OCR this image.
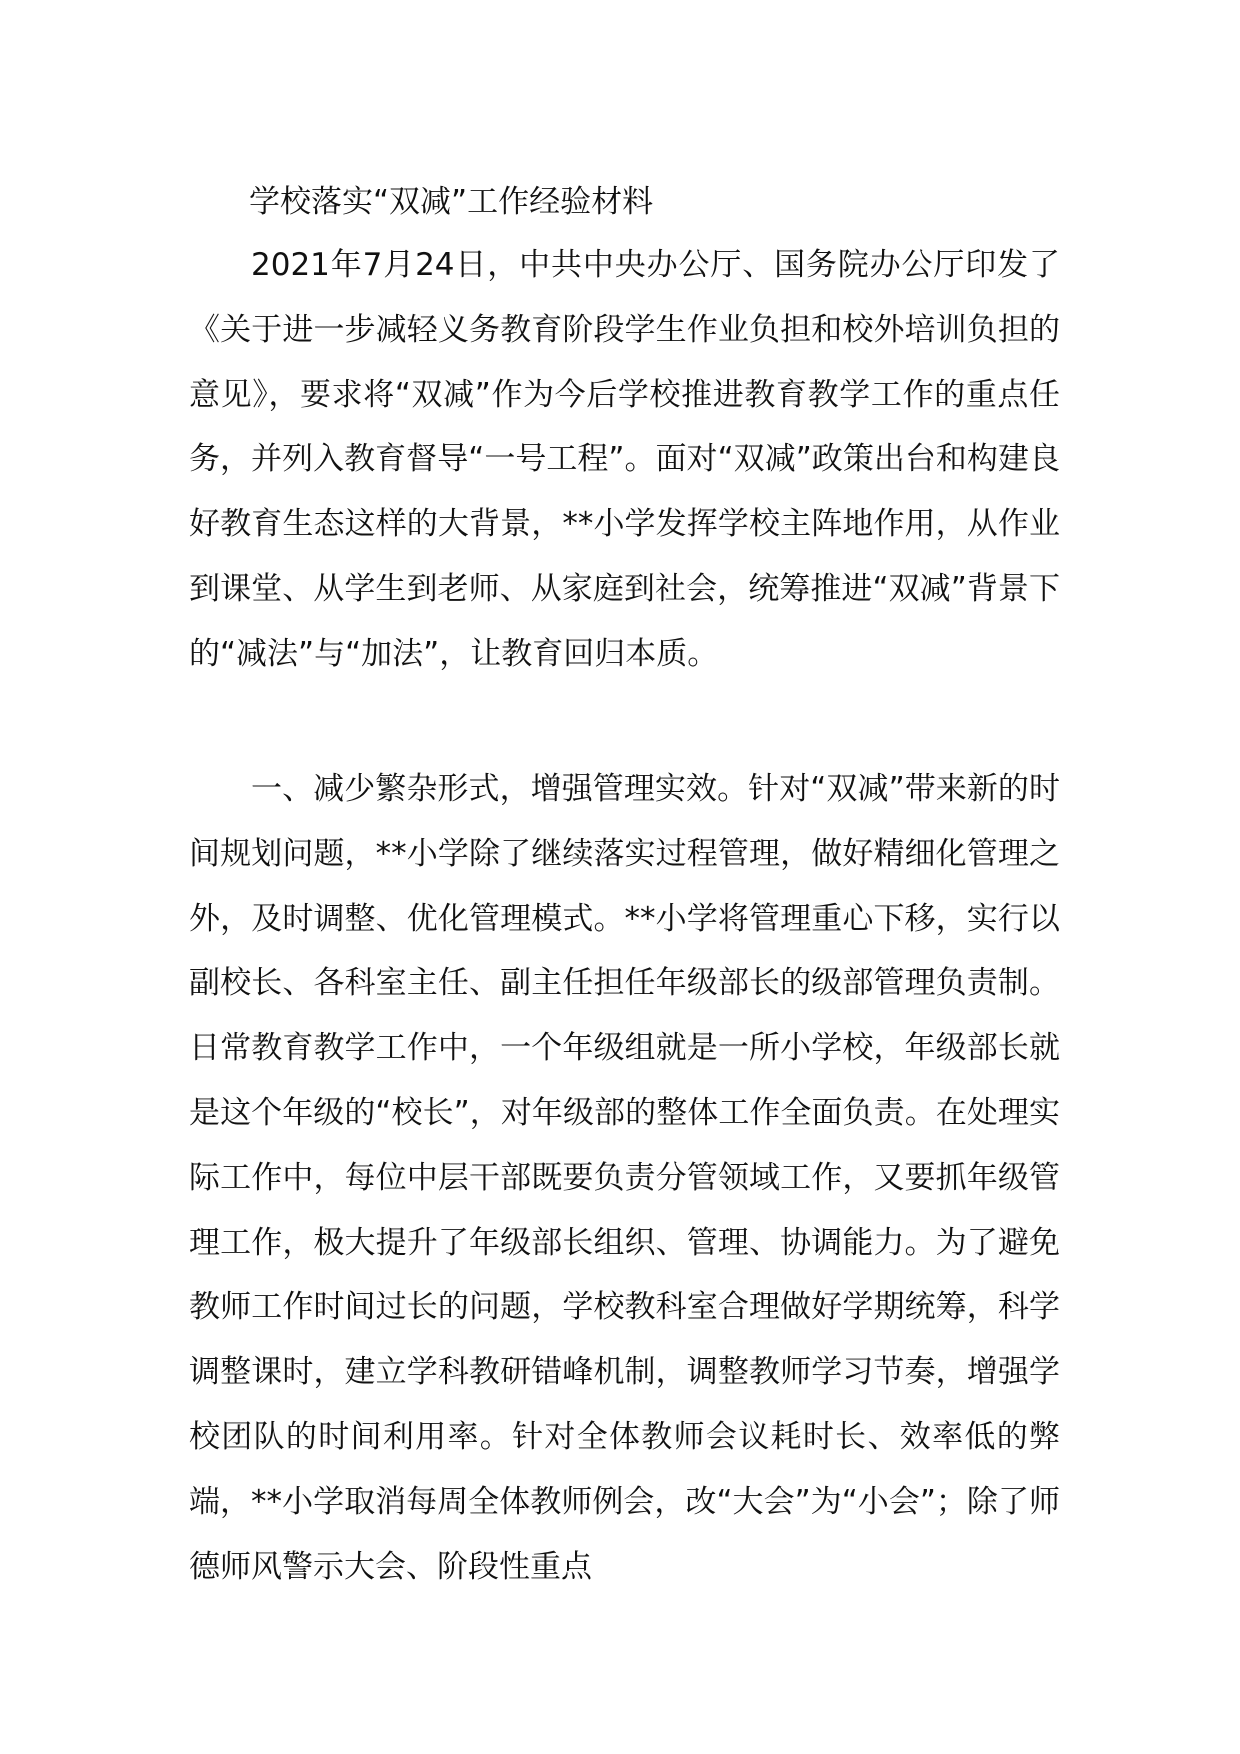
学校落实“双减”工作经验材料

2021年7月24日，中共中央办公厅、国务院办公厅印发了《关于进一步减轻义务教育阶段学生作业负担和校外培训负担的意见》，要求将“双减”作为今后学校推进教育教学工作的重点任务，并列入教育督导“一号工程”。面对“双减”政策出台和构建良好教育生态这样的大背景，**小学发挥学校主阵地作用，从作业到课堂、从学生到老师、从家庭到社会，统筹推进“双减”背景下的“减法”与“加法”，让教育回归本质。

一、减少繁杂形式，增强管理实效。针对“双减”带来新的时间规划问题，**小学除了继续落实过程管理，做好精细化管理之外，及时调整、优化管理模式。**小学将管理重心下移，实行以副校长、各科室主任、副主任担任年级部长的级部管理负责制。日常教育教学工作中，一个年级组就是一所小学校，年级部长就是这个年级的“校长”，对年级部的整体工作全面负责。在处理实际工作中，每位中层干部既要负责分管领域工作，又要抓年级管理工作，极大提升了年级部长组织、管理、协调能力。为了避免教师工作时间过长的问题，学校教科室合理做好学期统筹，科学调整课时，建立学科教研错峰机制，调整教师学习节奏，增强学校团队的时间利用率。针对全体教师会议耗时长、效率低的弊端，**小学取消每周全体教师例会，改“大会”为“小会”；除了师德师风警示大会、阶段性重点
